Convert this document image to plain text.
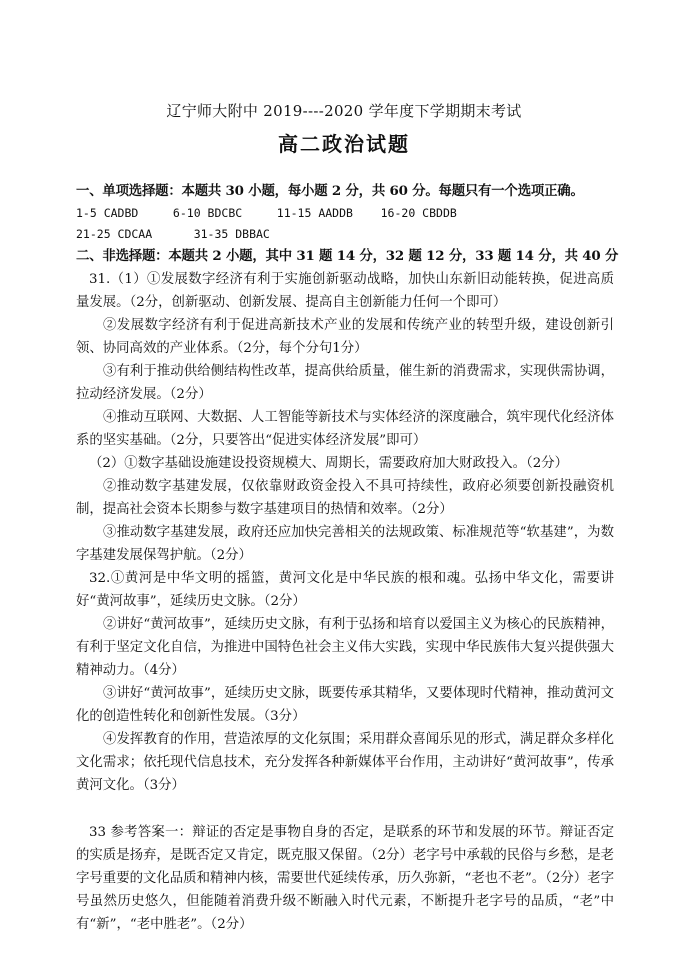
辽宁师大附中 2019----2020 学年度下学期期末考试
高二政治试题
一、单项选择题：本题共 30 小题，每小题 2 分，共 60 分。每题只有一个选项正确。
1-5 CADBD     6-10 BDCBC     11-15 AADDB    16-20 CBDDB
21-25 CDCAA      31-35 DBBAC
二、非选择题：本题共 2 小题，其中 31 题 14 分，32 题 12 分，33 题 14 分，共 40 分

31.（1）①发展数字经济有利于实施创新驱动战略，加快山东新旧动能转换，促进高质量发展。（2分，创新驱动、创新发展、提高自主创新能力任何一个即可）

②发展数字经济有利于促进高新技术产业的发展和传统产业的转型升级，建设创新引领、协同高效的产业体系。（2分，每个分句1分）

③有利于推动供给侧结构性改革，提高供给质量，催生新的消费需求，实现供需协调，拉动经济发展。（2分）

④推动互联网、大数据、人工智能等新技术与实体经济的深度融合，筑牢现代化经济体系的坚实基础。（2分，只要答出“促进实体经济发展”即可）

（2）①数字基础设施建设投资规模大、周期长，需要政府加大财政投入。（2分）

②推动数字基建发展，仅依靠财政资金投入不具可持续性，政府必须要创新投融资机制，提高社会资本长期参与数字基建项目的热情和效率。（2分）

③推动数字基建发展，政府还应加快完善相关的法规政策、标准规范等“软基建”，为数字基建发展保驾护航。（2分）

32.①黄河是中华文明的摇篮，黄河文化是中华民族的根和魂。弘扬中华文化，需要讲好“黄河故事”，延续历史文脉。（2分）

②讲好“黄河故事”，延续历史文脉，有利于弘扬和培育以爱国主义为核心的民族精神，有利于坚定文化自信，为推进中国特色社会主义伟大实践，实现中华民族伟大复兴提供强大精神动力。（4分）

③讲好“黄河故事”，延续历史文脉，既要传承其精华，又要体现时代精神，推动黄河文化的创造性转化和创新性发展。（3分）

④发挥教育的作用，营造浓厚的文化氛围；采用群众喜闻乐见的形式，满足群众多样化文化需求；依托现代信息技术，充分发挥各种新媒体平台作用，主动讲好“黄河故事”，传承黄河文化。（3分）

33 参考答案一：辩证的否定是事物自身的否定，是联系的环节和发展的环节。辩证否定的实质是扬弃，是既否定又肯定，既克服又保留。（2分）老字号中承载的民俗与乡愁，是老字号重要的文化品质和精神内核，需要世代延续传承，历久弥新，“老也不老”。（2分）老字号虽然历史悠久，但能随着消费升级不断融入时代元素，不断提升老字号的品质，“老”中有“新”，“老中胜老”。（2分）
